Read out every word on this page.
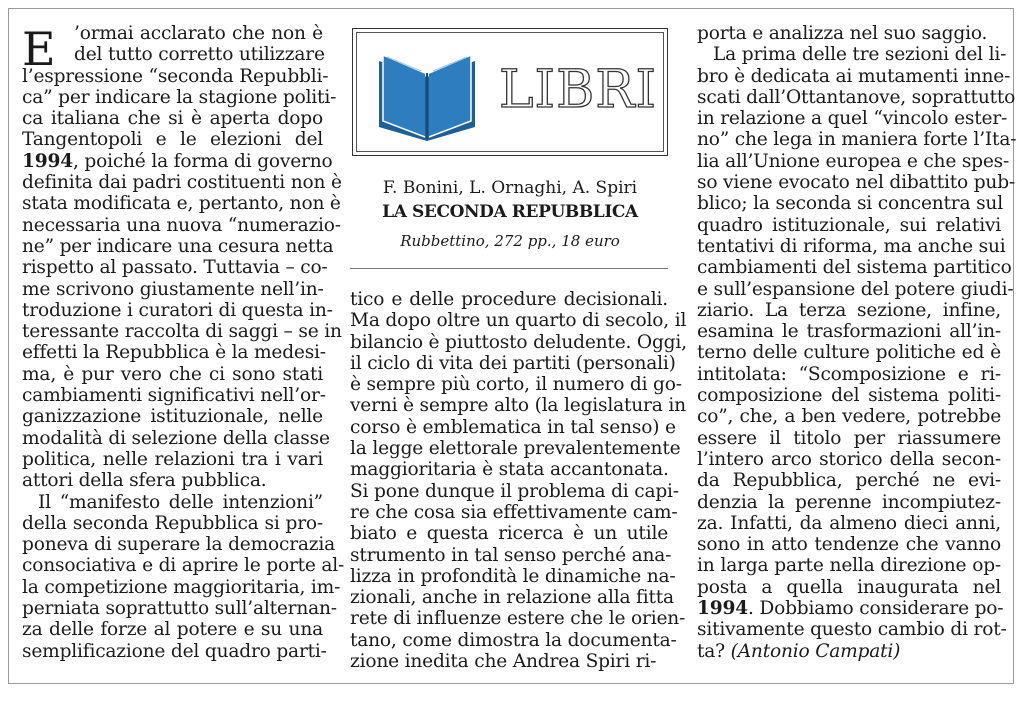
E ’ormai acclarato che non è
del tutto corretto utilizzare
l’espressione “seconda Repubbli-
ca” per indicare la stagione politi-
ca italiana che si è aperta dopo
Tangentopoli e le elezioni del
1994, poiché la forma di governo
definita dai padri costituenti non è
stata modificata e, pertanto, non è
necessaria una nuova “numerazio-
ne” per indicare una cesura netta
rispetto al passato. Tuttavia – co-
me scrivono giustamente nell’in-
troduzione i curatori di questa in-
teressante raccolta di saggi – se in
effetti la Repubblica è la medesi-
ma, è pur vero che ci sono stati
cambiamenti significativi nell’or-
ganizzazione istituzionale, nelle
modalità di selezione della classe
politica, nelle relazioni tra i vari
attori della sfera pubblica.
Il “manifesto delle intenzioni”
della seconda Repubblica si pro-
poneva di superare la democrazia
consociativa e di aprire le porte al-
la competizione maggioritaria, im-
perniata soprattutto sull’alternan-
za delle forze al potere e su una
semplificazione del quadro parti-
LIBRI
F. Bonini, L. Ornaghi, A. Spiri
LA SECONDA REPUBBLICA
Rubbettino, 272 pp., 18 euro
tico e delle procedure decisionali.
Ma dopo oltre un quarto di secolo, il
bilancio è piuttosto deludente. Oggi,
il ciclo di vita dei partiti (personali)
è sempre più corto, il numero di go-
verni è sempre alto (la legislatura in
corso è emblematica in tal senso) e
la legge elettorale prevalentemente
maggioritaria è stata accantonata.
Si pone dunque il problema di capi-
re che cosa sia effettivamente cam-
biato e questa ricerca è un utile
strumento in tal senso perché ana-
lizza in profondità le dinamiche na-
zionali, anche in relazione alla fitta
rete di influenze estere che le orien-
tano, come dimostra la documenta-
zione inedita che Andrea Spiri ri-
porta e analizza nel suo saggio.
La prima delle tre sezioni del li-
bro è dedicata ai mutamenti inne-
scati dall’Ottantanove, soprattutto
in relazione a quel “vincolo ester-
no” che lega in maniera forte l’Ita-
lia all’Unione europea e che spes-
so viene evocato nel dibattito pub-
blico; la seconda si concentra sul
quadro istituzionale, sui relativi
tentativi di riforma, ma anche sui
cambiamenti del sistema partitico
e sull’espansione del potere giudi-
ziario. La terza sezione, infine,
esamina le trasformazioni all’in-
terno delle culture politiche ed è
intitolata: “Scomposizione e ri-
composizione del sistema politi-
co”, che, a ben vedere, potrebbe
essere il titolo per riassumere
l’intero arco storico della secon-
da Repubblica, perché ne evi-
denzia la perenne incompiutez-
za. Infatti, da almeno dieci anni,
sono in atto tendenze che vanno
in larga parte nella direzione op-
posta a quella inaugurata nel
1994. Dobbiamo considerare po-
sitivamente questo cambio di rot-
ta? (Antonio Campati)
